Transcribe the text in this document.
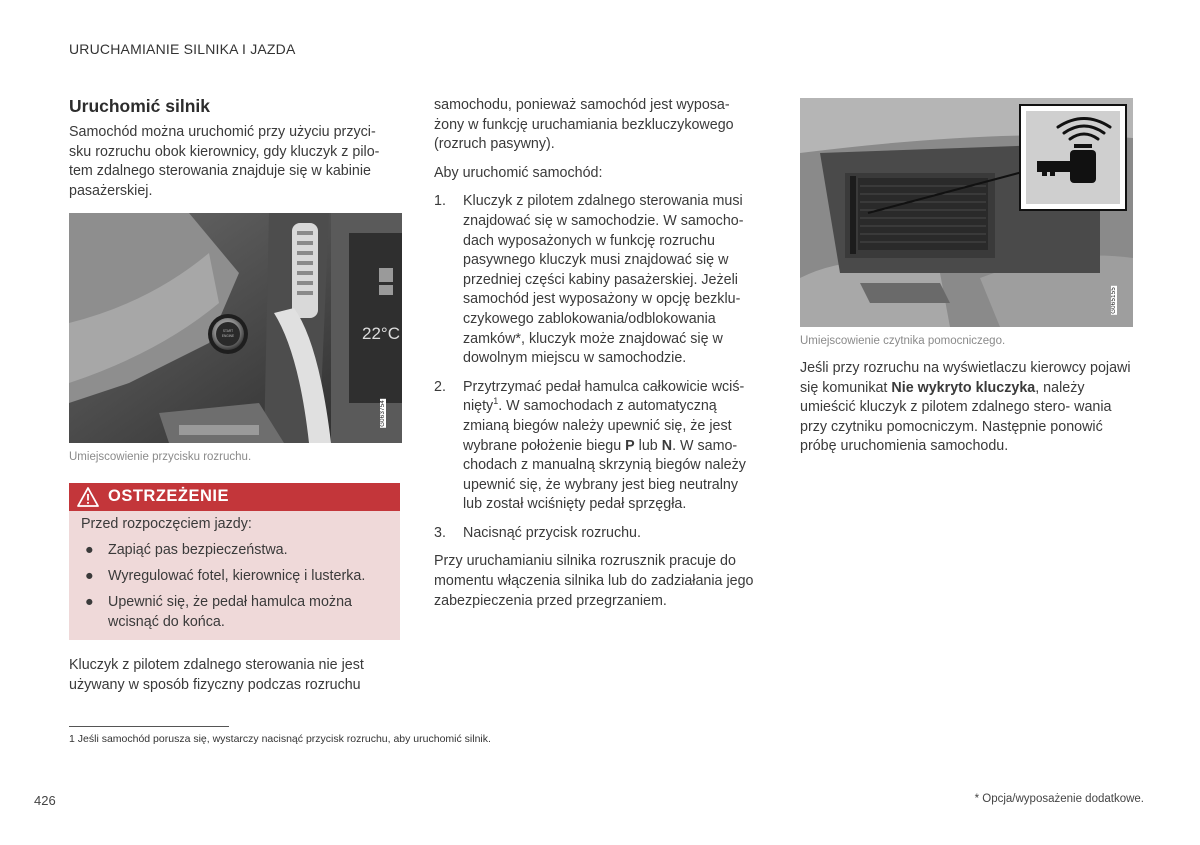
URUCHAMIANIE SILNIKA I JAZDA
Uruchomić silnik

Samochód można uruchomić przy użyciu przyci- sku rozruchu obok kierownicy, gdy kluczyk z pilo- tem zdalnego sterowania znajduje się w kabinie pasażerskiej.

22°C
START
ENGINE
G063754
Umiejscowienie przycisku rozruchu.
OSTRZEŻENIE
Przed rozpoczęciem jazdy:
● Zapiąć pas bezpieczeństwa.
● Wyregulować fotel, kierownicę i lusterka.
● Upewnić się, że pedał hamulca można wcisnąć do końca.

Kluczyk z pilotem zdalnego sterowania nie jest używany w sposób fizyczny podczas rozruchu

samochodu, ponieważ samochód jest wyposa- żony w funkcję uruchamiania bezkluczykowego (rozruch pasywny).

Aby uruchomić samochód:

1. Kluczyk z pilotem zdalnego sterowania musi znajdować się w samochodzie. W samocho- dach wyposażonych w funkcję rozruchu pasywnego kluczyk musi znajdować się w przedniej części kabiny pasażerskiej. Jeżeli samochód jest wyposażony w opcję bezklu- czykowego zablokowania/odblokowania zamków*, kluczyk może znajdować się w dowolnym miejscu w samochodzie.
2. Przytrzymać pedał hamulca całkowicie wciś- nięty$^1$. W samochodach z automatyczną zmianą biegów należy upewnić się, że jest wybrane położenie biegu P lub N. W samo- chodach z manualną skrzynią biegów należy upewnić się, że wybrany jest bieg neutralny lub został wciśnięty pedał sprzęgła.
3. Nacisnąć przycisk rozruchu.

Przy uruchamianiu silnika rozrusznik pracuje do momentu włączenia silnika lub do zadziałania jego zabezpieczenia przed przegrzaniem.

G065155
Umiejscowienie czytnika pomocniczego.

Jeśli przy rozruchu na wyświetlaczu kierowcy pojawi się komunikat Nie wykryto kluczyka, należy umieścić kluczyk z pilotem zdalnego stero- wania przy czytniku pomocniczym. Następnie ponowić próbę uruchomienia samochodu.

1 Jeśli samochód porusza się, wystarczy nacisnąć przycisk rozruchu, aby uruchomić silnik.
426	* Opcja/wyposażenie dodatkowe.
